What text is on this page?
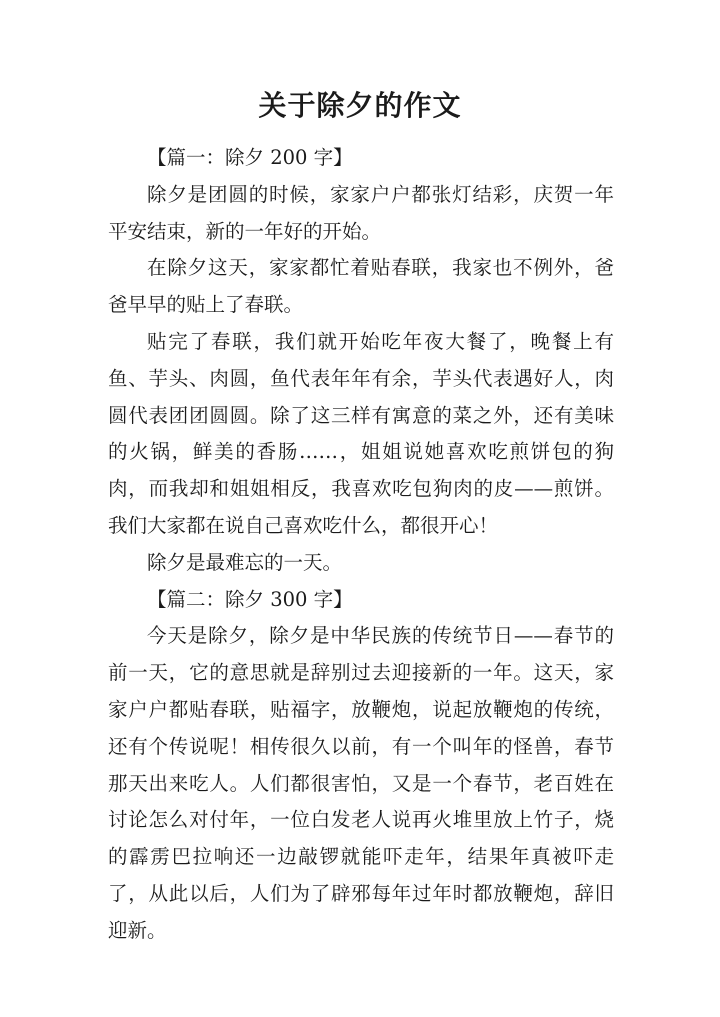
关于除夕的作文

【篇一：除夕 200 字】

除夕是团圆的时候，家家户户都张灯结彩，庆贺一年平安结束，新的一年好的开始。

在除夕这天，家家都忙着贴春联，我家也不例外，爸爸早早的贴上了春联。

贴完了春联，我们就开始吃年夜大餐了，晚餐上有鱼、芋头、肉圆，鱼代表年年有余，芋头代表遇好人，肉圆代表团团圆圆。除了这三样有寓意的菜之外，还有美味的火锅，鲜美的香肠……，姐姐说她喜欢吃煎饼包的狗肉，而我却和姐姐相反，我喜欢吃包狗肉的皮——煎饼。我们大家都在说自己喜欢吃什么，都很开心！

除夕是最难忘的一天。

【篇二：除夕 300 字】

今天是除夕，除夕是中华民族的传统节日——春节的前一天，它的意思就是辞别过去迎接新的一年。这天，家家户户都贴春联，贴福字，放鞭炮，说起放鞭炮的传统，还有个传说呢！相传很久以前，有一个叫年的怪兽，春节那天出来吃人。人们都很害怕，又是一个春节，老百姓在讨论怎么对付年，一位白发老人说再火堆里放上竹子，烧的霹雳巴拉响还一边敲锣就能吓走年，结果年真被吓走了，从此以后，人们为了辟邪每年过年时都放鞭炮，辞旧迎新。
